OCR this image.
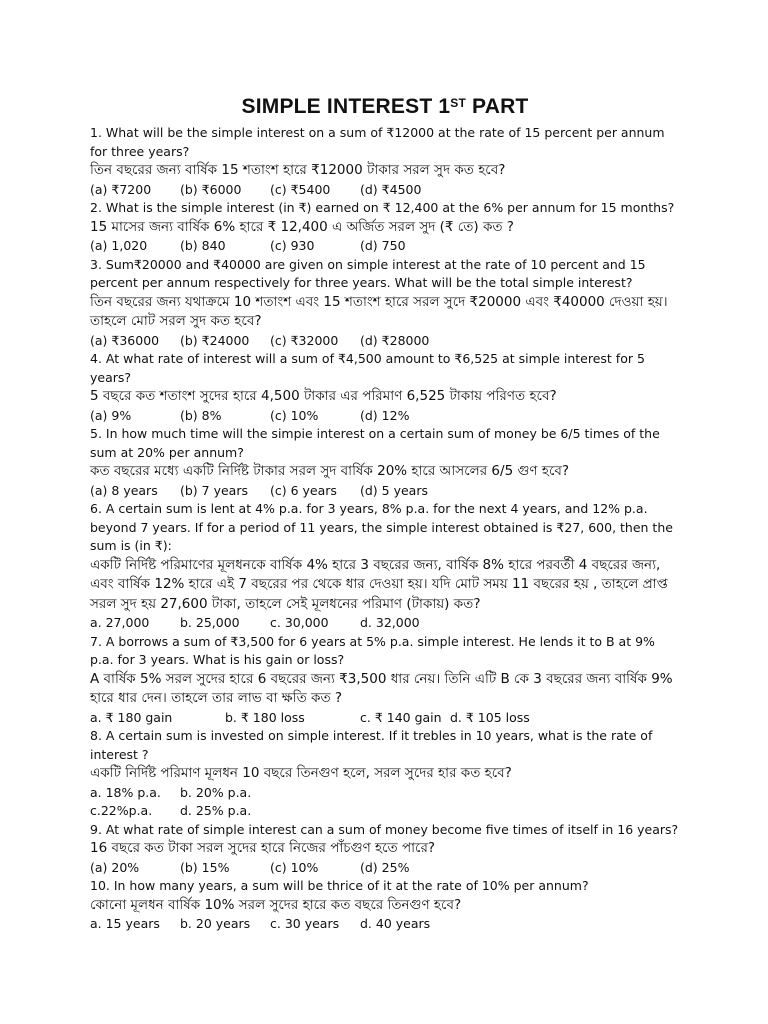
SIMPLE INTEREST 1ST PART
1. What will be the simple interest on a sum of ₹12000 at the rate of 15 percent per annum for three years?
তিন বছরের জন্য বার্ষিক 15 শতাংশ হারে ₹12000 টাকার সরল সুদ কত হবে?
(a) ₹7200	(b) ₹6000	(c) ₹5400	(d) ₹4500
2. What is the simple interest (in ₹) earned on ₹ 12,400 at the 6% per annum for 15 months?
15 মাসের জন্য বার্ষিক 6% হারে ₹ 12,400 এ অর্জিত সরল সুদ (₹ তে) কত ?
(a) 1,020	(b) 840	(c) 930	(d) 750
3. Sum₹20000 and ₹40000 are given on simple interest at the rate of 10 percent and 15 percent per annum respectively for three years. What will be the total simple interest?
তিন বছরের জন্য যথাক্রমে 10 শতাংশ এবং 15 শতাংশ হারে সরল সুদে ₹20000 এবং ₹40000 দেওয়া হয়। তাহলে মোট সরল সুদ কত হবে?
(a) ₹36000	(b) ₹24000	(c) ₹32000	(d) ₹28000
4. At what rate of interest will a sum of ₹4,500 amount to ₹6,525 at simple interest for 5 years?
5 বছরে কত শতাংশ সুদের হারে 4,500 টাকার এর পরিমাণ 6,525 টাকায় পরিণত হবে?
(a) 9%	(b) 8%	(c) 10%	(d) 12%
5. In how much time will the simpie interest on a certain sum of money be 6/5 times of the sum at 20% per annum?
কত বছরের মধ্যে একটি নির্দিষ্ট টাকার সরল সুদ বার্ষিক 20% হারে আসলের 6/5 গুণ হবে?
(a) 8 years	(b) 7 years	(c) 6 years	(d) 5 years
6. A certain sum is lent at 4% p.a. for 3 years, 8% p.a. for the next 4 years, and 12% p.a. beyond 7 years. If for a period of 11 years, the simple interest obtained is ₹27, 600, then the sum is (in ₹):
একটি নির্দিষ্ট পরিমাণের মূলধনকে বার্ষিক 4% হারে 3 বছরের জন্য, বার্ষিক 8% হারে পরবর্তী 4 বছরের জন্য, এবং বার্ষিক 12% হারে এই 7 বছরের পর থেকে ধার দেওয়া হয়। যদি মোট সময় 11 বছরের হয় , তাহলে প্রাপ্ত সরল সুদ হয় 27,600 টাকা, তাহলে সেই মূলধনের পরিমাণ (টাকায়) কত?
a. 27,000	b. 25,000	c. 30,000	d. 32,000
7. A borrows a sum of ₹3,500 for 6 years at 5% p.a. simple interest. He lends it to B at 9% p.a. for 3 years. What is his gain or loss?
A বার্ষিক 5% সরল সুদের হারে 6 বছরের জন্য ₹3,500 ধার নেয়। তিনি এটি B কে 3 বছরের জন্য বার্ষিক 9% হারে ধার দেন। তাহলে তার লাভ বা ক্ষতি কত ?
a. ₹ 180 gain	b. ₹ 180 loss	c. ₹ 140 gain d. ₹ 105 loss
8. A certain sum is invested on simple interest. If it trebles in 10 years, what is the rate of interest ?
একটি নির্দিষ্ট পরিমাণ মূলধন 10 বছরে তিনগুণ হলে, সরল সুদের হার কত হবে?
a. 18% p.a.	b. 20% p.a.
c.22%p.a.	d. 25% p.a.
9. At what rate of simple interest can a sum of money become five times of itself in 16 years?
16 বছরে কত টাকা সরল সুদের হারে নিজের পাঁচগুণ হতে পারে?
(a) 20%	(b) 15%	(c) 10%	(d) 25%
10. In how many years, a sum will be thrice of it at the rate of 10% per annum?
কোনো মূলধন বার্ষিক 10% সরল সুদের হারে কত বছরে তিনগুণ হবে?
a. 15 years	b. 20 years	c. 30 years	d. 40 years
